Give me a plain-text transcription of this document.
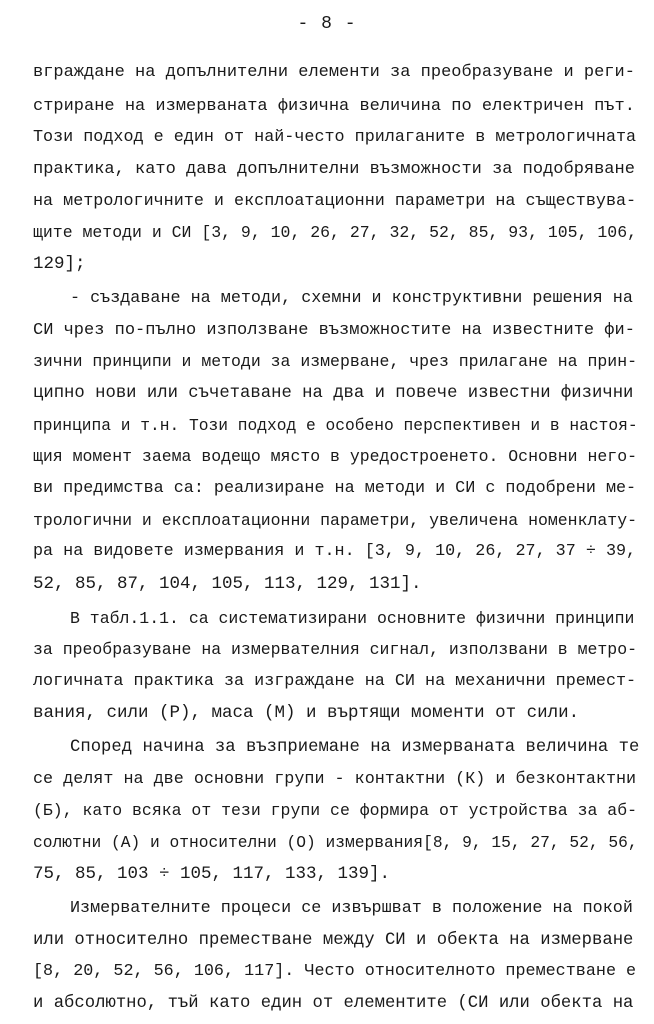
- 8 -
вграждане на допълнителни елементи за преобразуване и реги-
стриране на измерваната физична величина по електричен път.
Този подход е един от най-често прилаганите в метрологичната
практика, като дава допълнителни възможности за подобряване
на метрологичните и експлоатационни параметри на съществува-
щите методи и СИ [3, 9, 10, 26, 27, 32, 52, 85, 93, 105, 106,
129];
- създаване на методи, схемни и конструктивни решения на
СИ чрез по-пълно използване възможностите на известните фи-
зични принципи и методи за измерване, чрез прилагане на прин-
ципно нови или съчетаване на два и повече известни физични
принципа и т.н. Този подход е особено перспективен и в настоя-
щия момент заема водещо място в уредостроенето. Основни него-
ви предимства са: реализиране на методи и СИ с подобрени ме-
трологични и експлоатационни параметри, увеличена номенклату-
ра на видовете измервания и т.н. [3, 9, 10, 26, 27, 37 ÷ 39,
52, 85, 87, 104, 105, 113, 129, 131].
В табл.1.1. са систематизирани основните физични принципи
за преобразуване на измервателния сигнал, използвани в метро-
логичната практика за изграждане на СИ на механични премест-
вания, сили (Р), маса (М) и въртящи моменти от сили.
Според начина за възприемане на измерваната величина те
се делят на две основни групи - контактни (К) и безконтактни
(Б), като всяка от тези групи се формира от устройства за аб-
солютни (А) и относителни (О) измервания[8, 9, 15, 27, 52, 56,
75, 85, 103 ÷ 105, 117, 133, 139].
Измервателните процеси се извършват в положение на покой
или относително преместване между СИ и обекта на измерване
[8, 20, 52, 56, 106, 117]. Често относителното преместване е
и абсолютно, тъй като един от елементите (СИ или обекта на
